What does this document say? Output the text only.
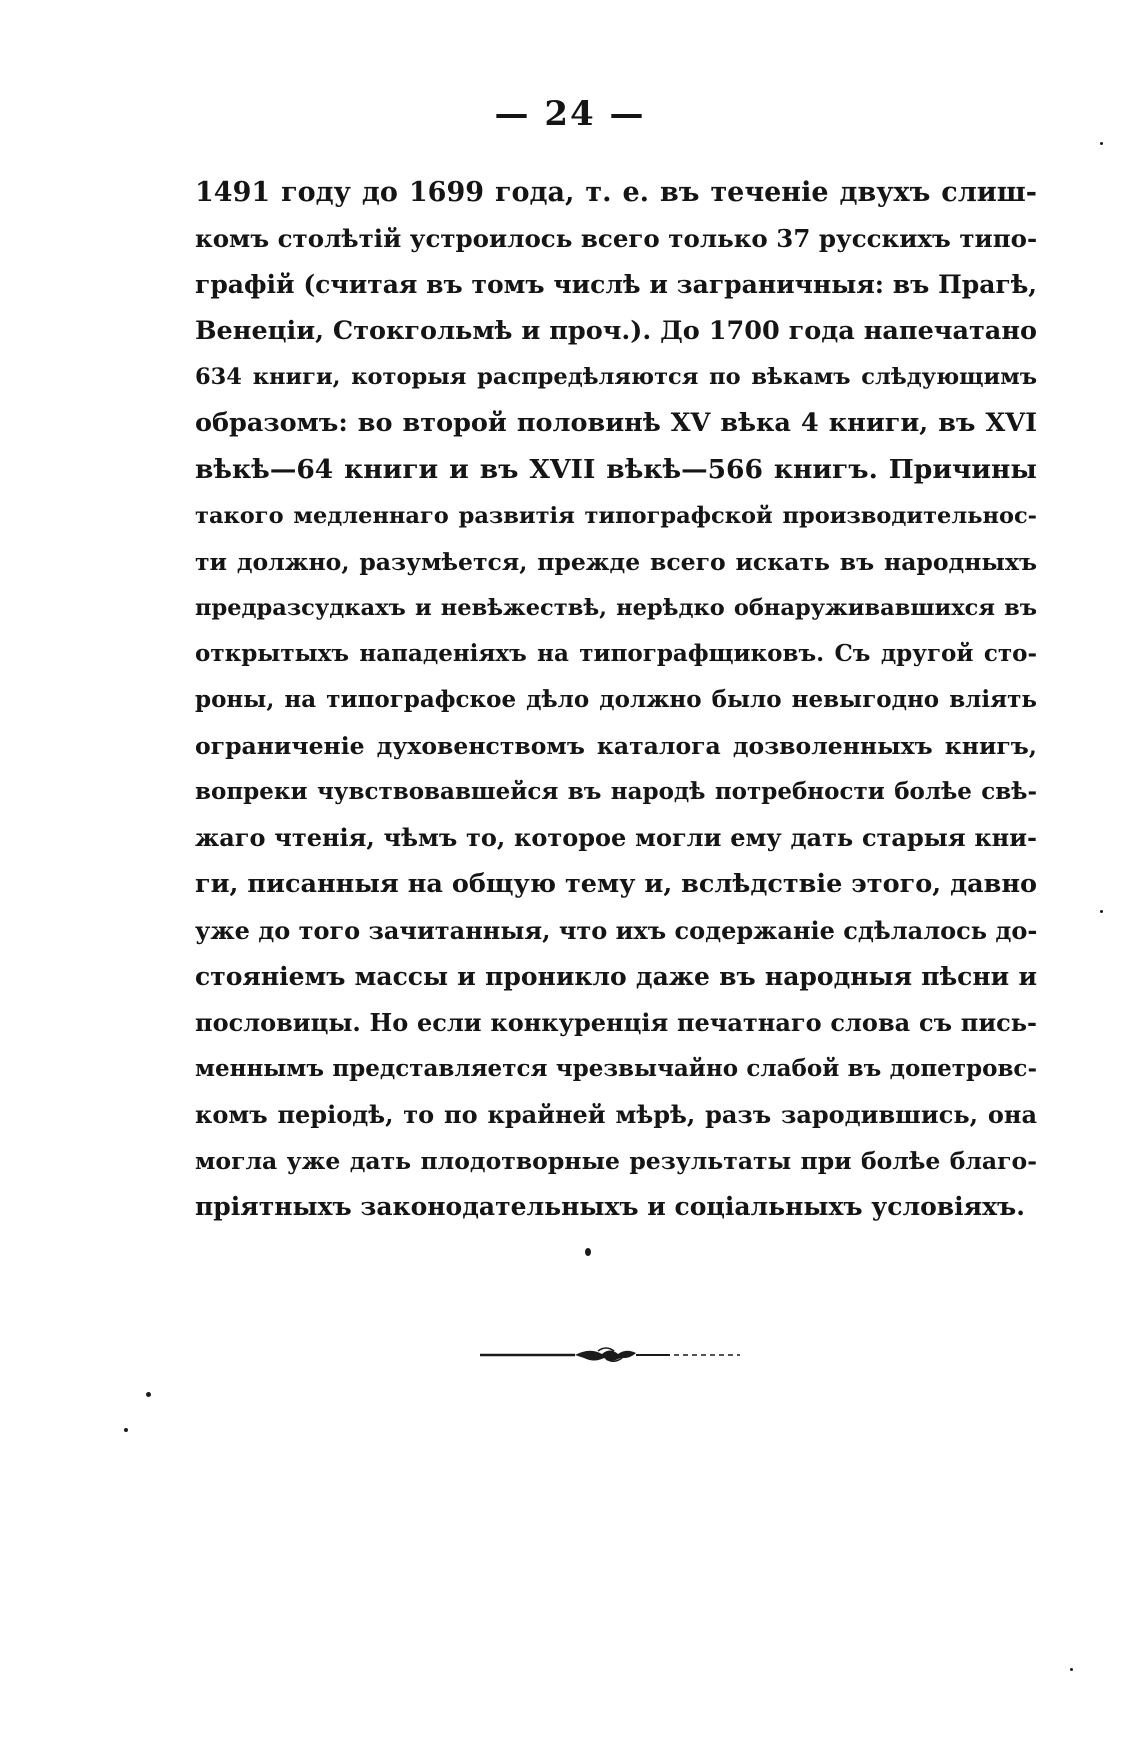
— 24 —
1491 году до 1699 года, т. е. въ теченіе двухъ слиш-
комъ столѣтій устроилось всего только 37 русскихъ типо-
графій (считая въ томъ числѣ и заграничныя: въ Прагѣ,
Венеціи, Стокгольмѣ и проч.). До 1700 года напечатано
634 книги, которыя распредѣляются по вѣкамъ слѣдующимъ
образомъ: во второй половинѣ XV вѣка 4 книги, въ XVI
вѣкѣ—64 книги и въ XVII вѣкѣ—566 книгъ. Причины
такого медленнаго развитія типографской производительнос-
ти должно, разумѣется, прежде всего искать въ народныхъ
предразсудкахъ и невѣжествѣ, нерѣдко обнаруживавшихся въ
открытыхъ нападеніяхъ на типографщиковъ. Съ другой сто-
роны, на типографское дѣло должно было невыгодно вліять
ограниченіе духовенствомъ каталога дозволенныхъ книгъ,
вопреки чувствовавшейся въ народѣ потребности болѣе свѣ-
жаго чтенія, чѣмъ то, которое могли ему дать старыя кни-
ги, писанныя на общую тему и, вслѣдствіе этого, давно
уже до того зачитанныя, что ихъ содержаніе сдѣлалось до-
стояніемъ массы и проникло даже въ народныя пѣсни и
пословицы. Но если конкуренція печатнаго слова съ пись-
меннымъ представляется чрезвычайно слабой въ допетровс-
комъ періодѣ, то по крайней мѣрѣ, разъ зародившись, она
могла уже дать плодотворные результаты при болѣе благо-
пріятныхъ законодательныхъ и соціальныхъ условіяхъ.
